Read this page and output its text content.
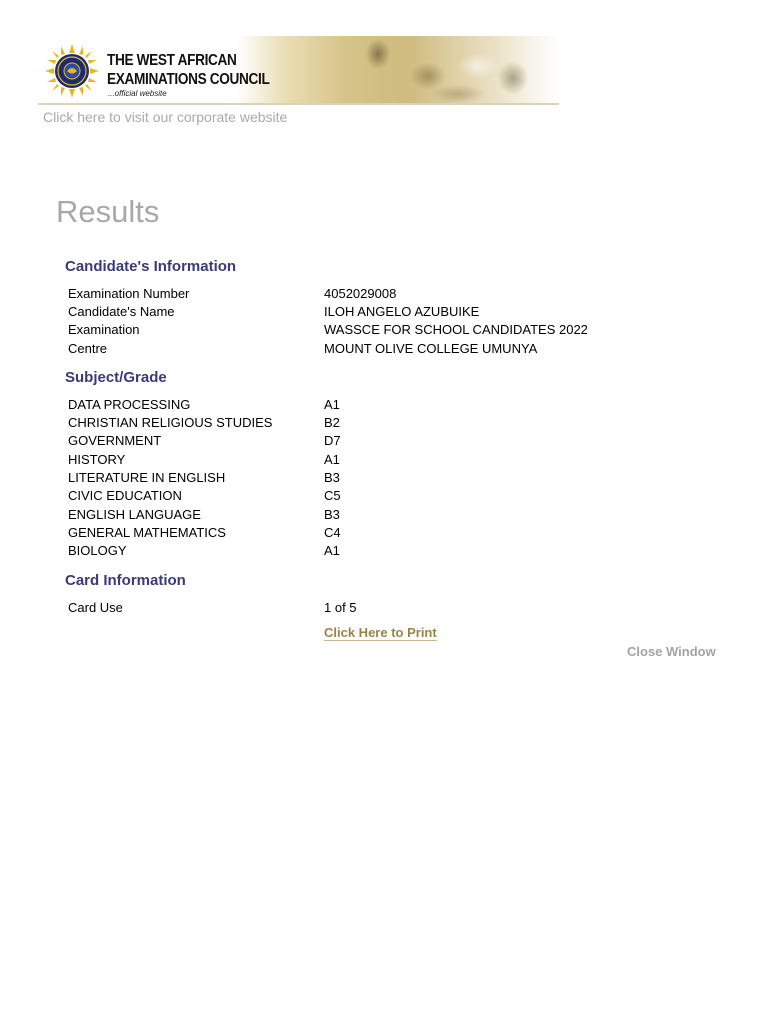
THE WEST AFRICAN
EXAMINATIONS COUNCIL
...official website
Click here to visit our corporate website
Results
Candidate's Information
Examination Number	4052029008
Candidate's Name	ILOH ANGELO AZUBUIKE
Examination	WASSCE FOR SCHOOL CANDIDATES 2022
Centre	MOUNT OLIVE COLLEGE UMUNYA
Subject/Grade
DATA PROCESSING	A1
CHRISTIAN RELIGIOUS STUDIES	B2
GOVERNMENT	D7
HISTORY	A1
LITERATURE IN ENGLISH	B3
CIVIC EDUCATION	C5
ENGLISH LANGUAGE	B3
GENERAL MATHEMATICS	C4
BIOLOGY	A1
Card Information
Card Use	1 of 5
Click Here to Print
Close Window
